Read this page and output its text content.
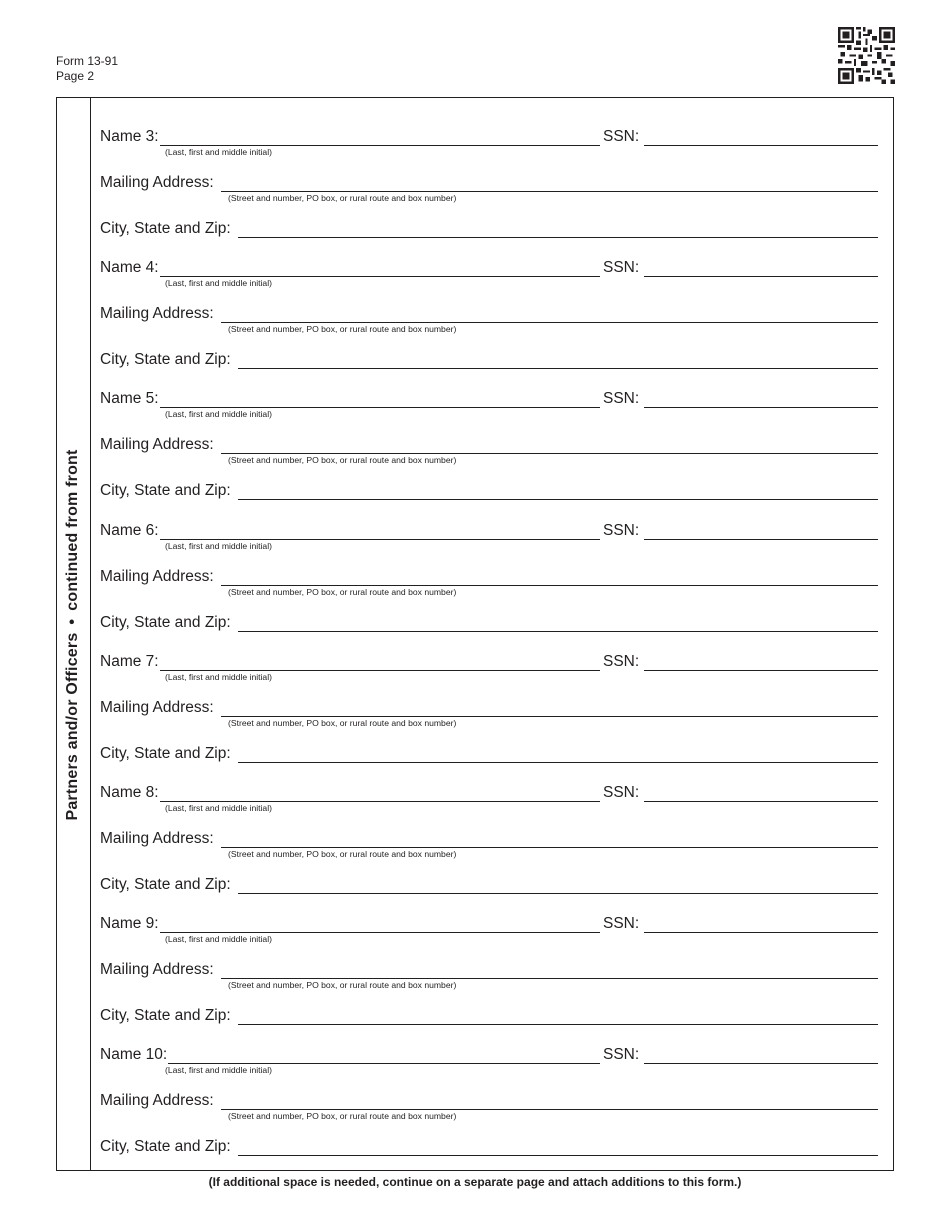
Form 13-91
Page 2
Partners and/or Officers•continued from front
Name 3:
(Last, first and middle initial)
SSN:
Mailing Address:
(Street and number, PO box, or rural route and box number)
City, State and Zip:
Name 4:
(Last, first and middle initial)
SSN:
Mailing Address:
(Street and number, PO box, or rural route and box number)
City, State and Zip:
Name 5:
(Last, first and middle initial)
SSN:
Mailing Address:
(Street and number, PO box, or rural route and box number)
City, State and Zip:
Name 6:
(Last, first and middle initial)
SSN:
Mailing Address:
(Street and number, PO box, or rural route and box number)
City, State and Zip:
Name 7:
(Last, first and middle initial)
SSN:
Mailing Address:
(Street and number, PO box, or rural route and box number)
City, State and Zip:
Name 8:
(Last, first and middle initial)
SSN:
Mailing Address:
(Street and number, PO box, or rural route and box number)
City, State and Zip:
Name 9:
(Last, first and middle initial)
SSN:
Mailing Address:
(Street and number, PO box, or rural route and box number)
City, State and Zip:
Name 10:
(Last, first and middle initial)
SSN:
Mailing Address:
(Street and number, PO box, or rural route and box number)
City, State and Zip:
(If additional space is needed, continue on a separate page and attach additions to this form.)
